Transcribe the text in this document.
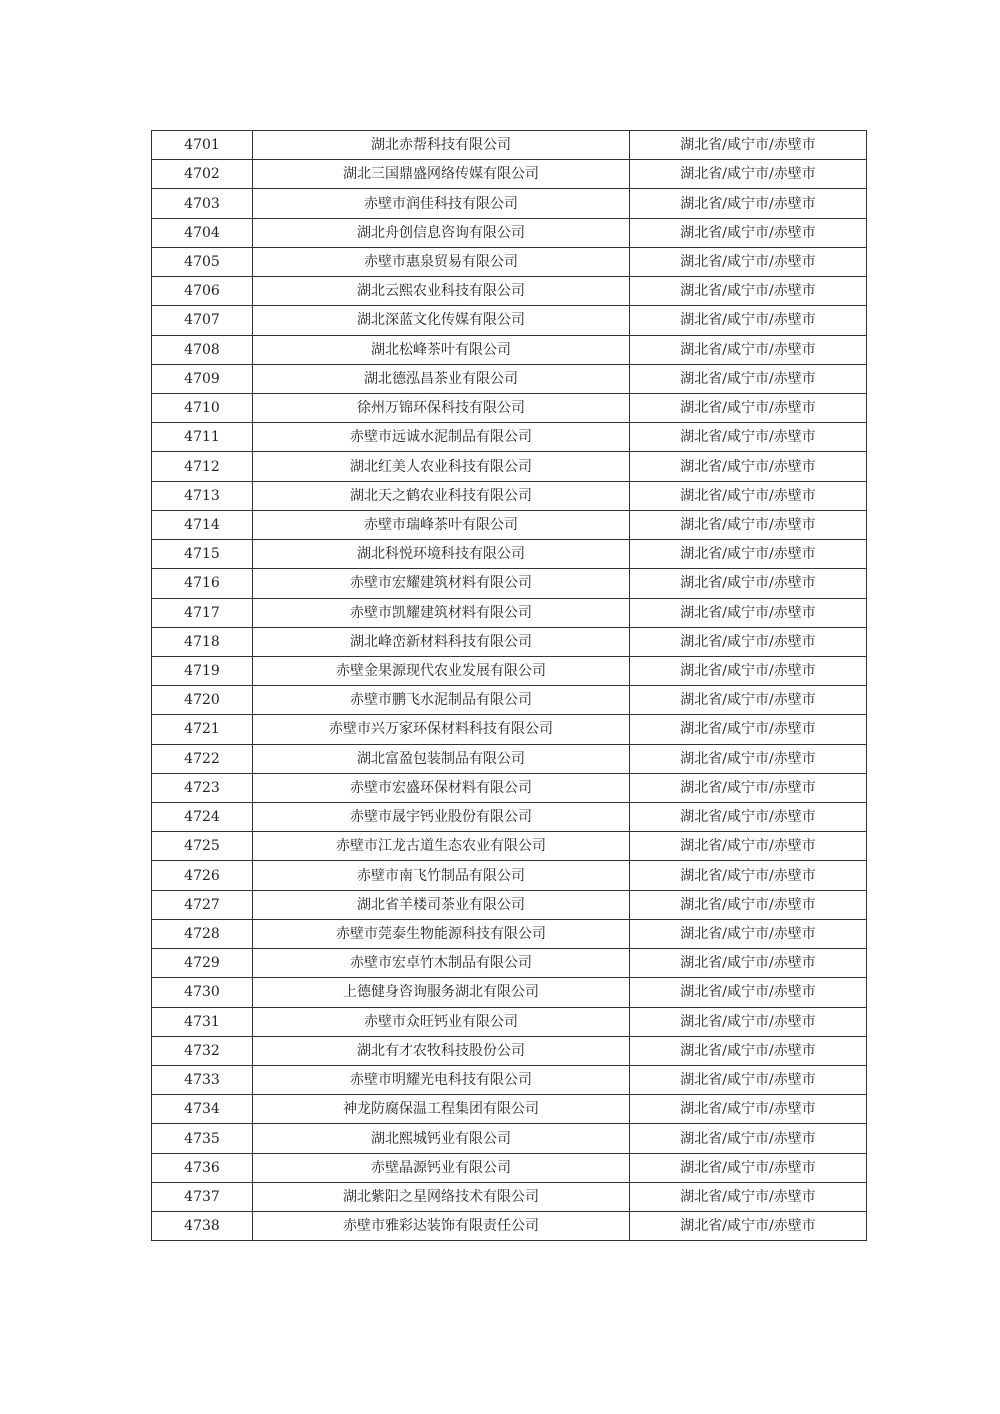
4701	湖北赤帮科技有限公司	湖北省/咸宁市/赤壁市
4702	湖北三国鼎盛网络传媒有限公司	湖北省/咸宁市/赤壁市
4703	赤壁市润佳科技有限公司	湖北省/咸宁市/赤壁市
4704	湖北舟创信息咨询有限公司	湖北省/咸宁市/赤壁市
4705	赤壁市惠泉贸易有限公司	湖北省/咸宁市/赤壁市
4706	湖北云熙农业科技有限公司	湖北省/咸宁市/赤壁市
4707	湖北深蓝文化传媒有限公司	湖北省/咸宁市/赤壁市
4708	湖北松峰茶叶有限公司	湖北省/咸宁市/赤壁市
4709	湖北德泓昌茶业有限公司	湖北省/咸宁市/赤壁市
4710	徐州万锦环保科技有限公司	湖北省/咸宁市/赤壁市
4711	赤壁市远诚水泥制品有限公司	湖北省/咸宁市/赤壁市
4712	湖北红美人农业科技有限公司	湖北省/咸宁市/赤壁市
4713	湖北天之鹤农业科技有限公司	湖北省/咸宁市/赤壁市
4714	赤壁市瑞峰茶叶有限公司	湖北省/咸宁市/赤壁市
4715	湖北科悦环境科技有限公司	湖北省/咸宁市/赤壁市
4716	赤壁市宏耀建筑材料有限公司	湖北省/咸宁市/赤壁市
4717	赤壁市凯耀建筑材料有限公司	湖北省/咸宁市/赤壁市
4718	湖北峰峦新材料科技有限公司	湖北省/咸宁市/赤壁市
4719	赤壁金果源现代农业发展有限公司	湖北省/咸宁市/赤壁市
4720	赤壁市鹏飞水泥制品有限公司	湖北省/咸宁市/赤壁市
4721	赤壁市兴万家环保材料科技有限公司	湖北省/咸宁市/赤壁市
4722	湖北富盈包装制品有限公司	湖北省/咸宁市/赤壁市
4723	赤壁市宏盛环保材料有限公司	湖北省/咸宁市/赤壁市
4724	赤壁市晟宇钙业股份有限公司	湖北省/咸宁市/赤壁市
4725	赤壁市江龙古道生态农业有限公司	湖北省/咸宁市/赤壁市
4726	赤壁市南飞竹制品有限公司	湖北省/咸宁市/赤壁市
4727	湖北省羊楼司茶业有限公司	湖北省/咸宁市/赤壁市
4728	赤壁市莞泰生物能源科技有限公司	湖北省/咸宁市/赤壁市
4729	赤壁市宏卓竹木制品有限公司	湖北省/咸宁市/赤壁市
4730	上德健身咨询服务湖北有限公司	湖北省/咸宁市/赤壁市
4731	赤壁市众旺钙业有限公司	湖北省/咸宁市/赤壁市
4732	湖北有才农牧科技股份公司	湖北省/咸宁市/赤壁市
4733	赤壁市明耀光电科技有限公司	湖北省/咸宁市/赤壁市
4734	神龙防腐保温工程集团有限公司	湖北省/咸宁市/赤壁市
4735	湖北熙城钙业有限公司	湖北省/咸宁市/赤壁市
4736	赤壁晶源钙业有限公司	湖北省/咸宁市/赤壁市
4737	湖北紫阳之星网络技术有限公司	湖北省/咸宁市/赤壁市
4738	赤壁市雅彩达装饰有限责任公司	湖北省/咸宁市/赤壁市
